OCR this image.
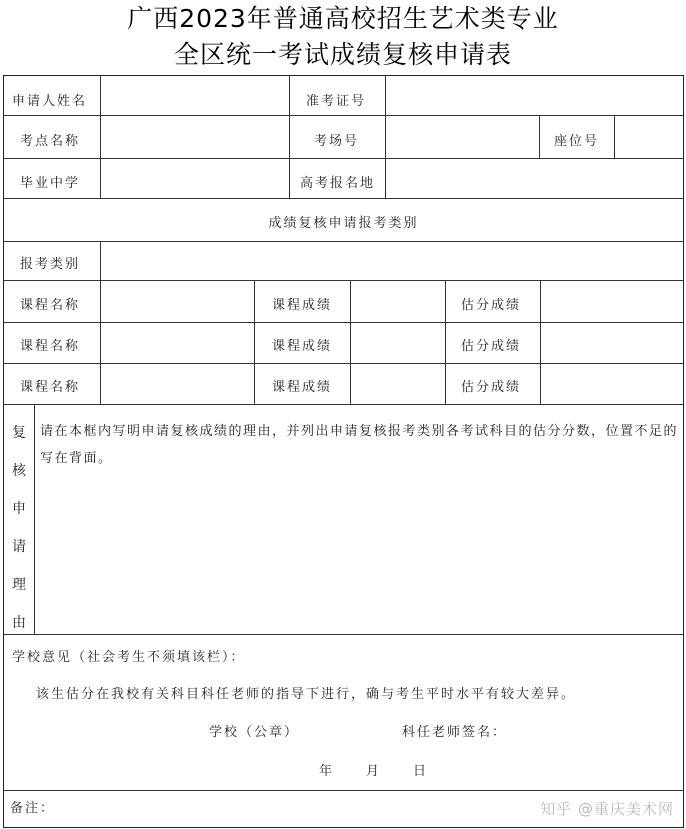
广西2023年普通高校招生艺术类专业
全区统一考试成绩复核申请表
申请人姓名	准考证号
考点名称	考场号	座位号
毕业中学	高考报名地
成绩复核申请报考类别
报考类别
课程名称	课程成绩	估分成绩
课程名称	课程成绩	估分成绩
课程名称	课程成绩	估分成绩
复
核
申
请
理
由
请在本框内写明申请复核成绩的理由，并列出申请复核报考类别各考试科目的估分分数，位置不足的写在背面。
学校意见（社会考生不须填该栏）：
该生估分在我校有关科目科任老师的指导下进行，确与考生平时水平有较大差异。
学校（公章）	科任老师签名：
年 月 日
备注：	知乎 @重庆美术网
